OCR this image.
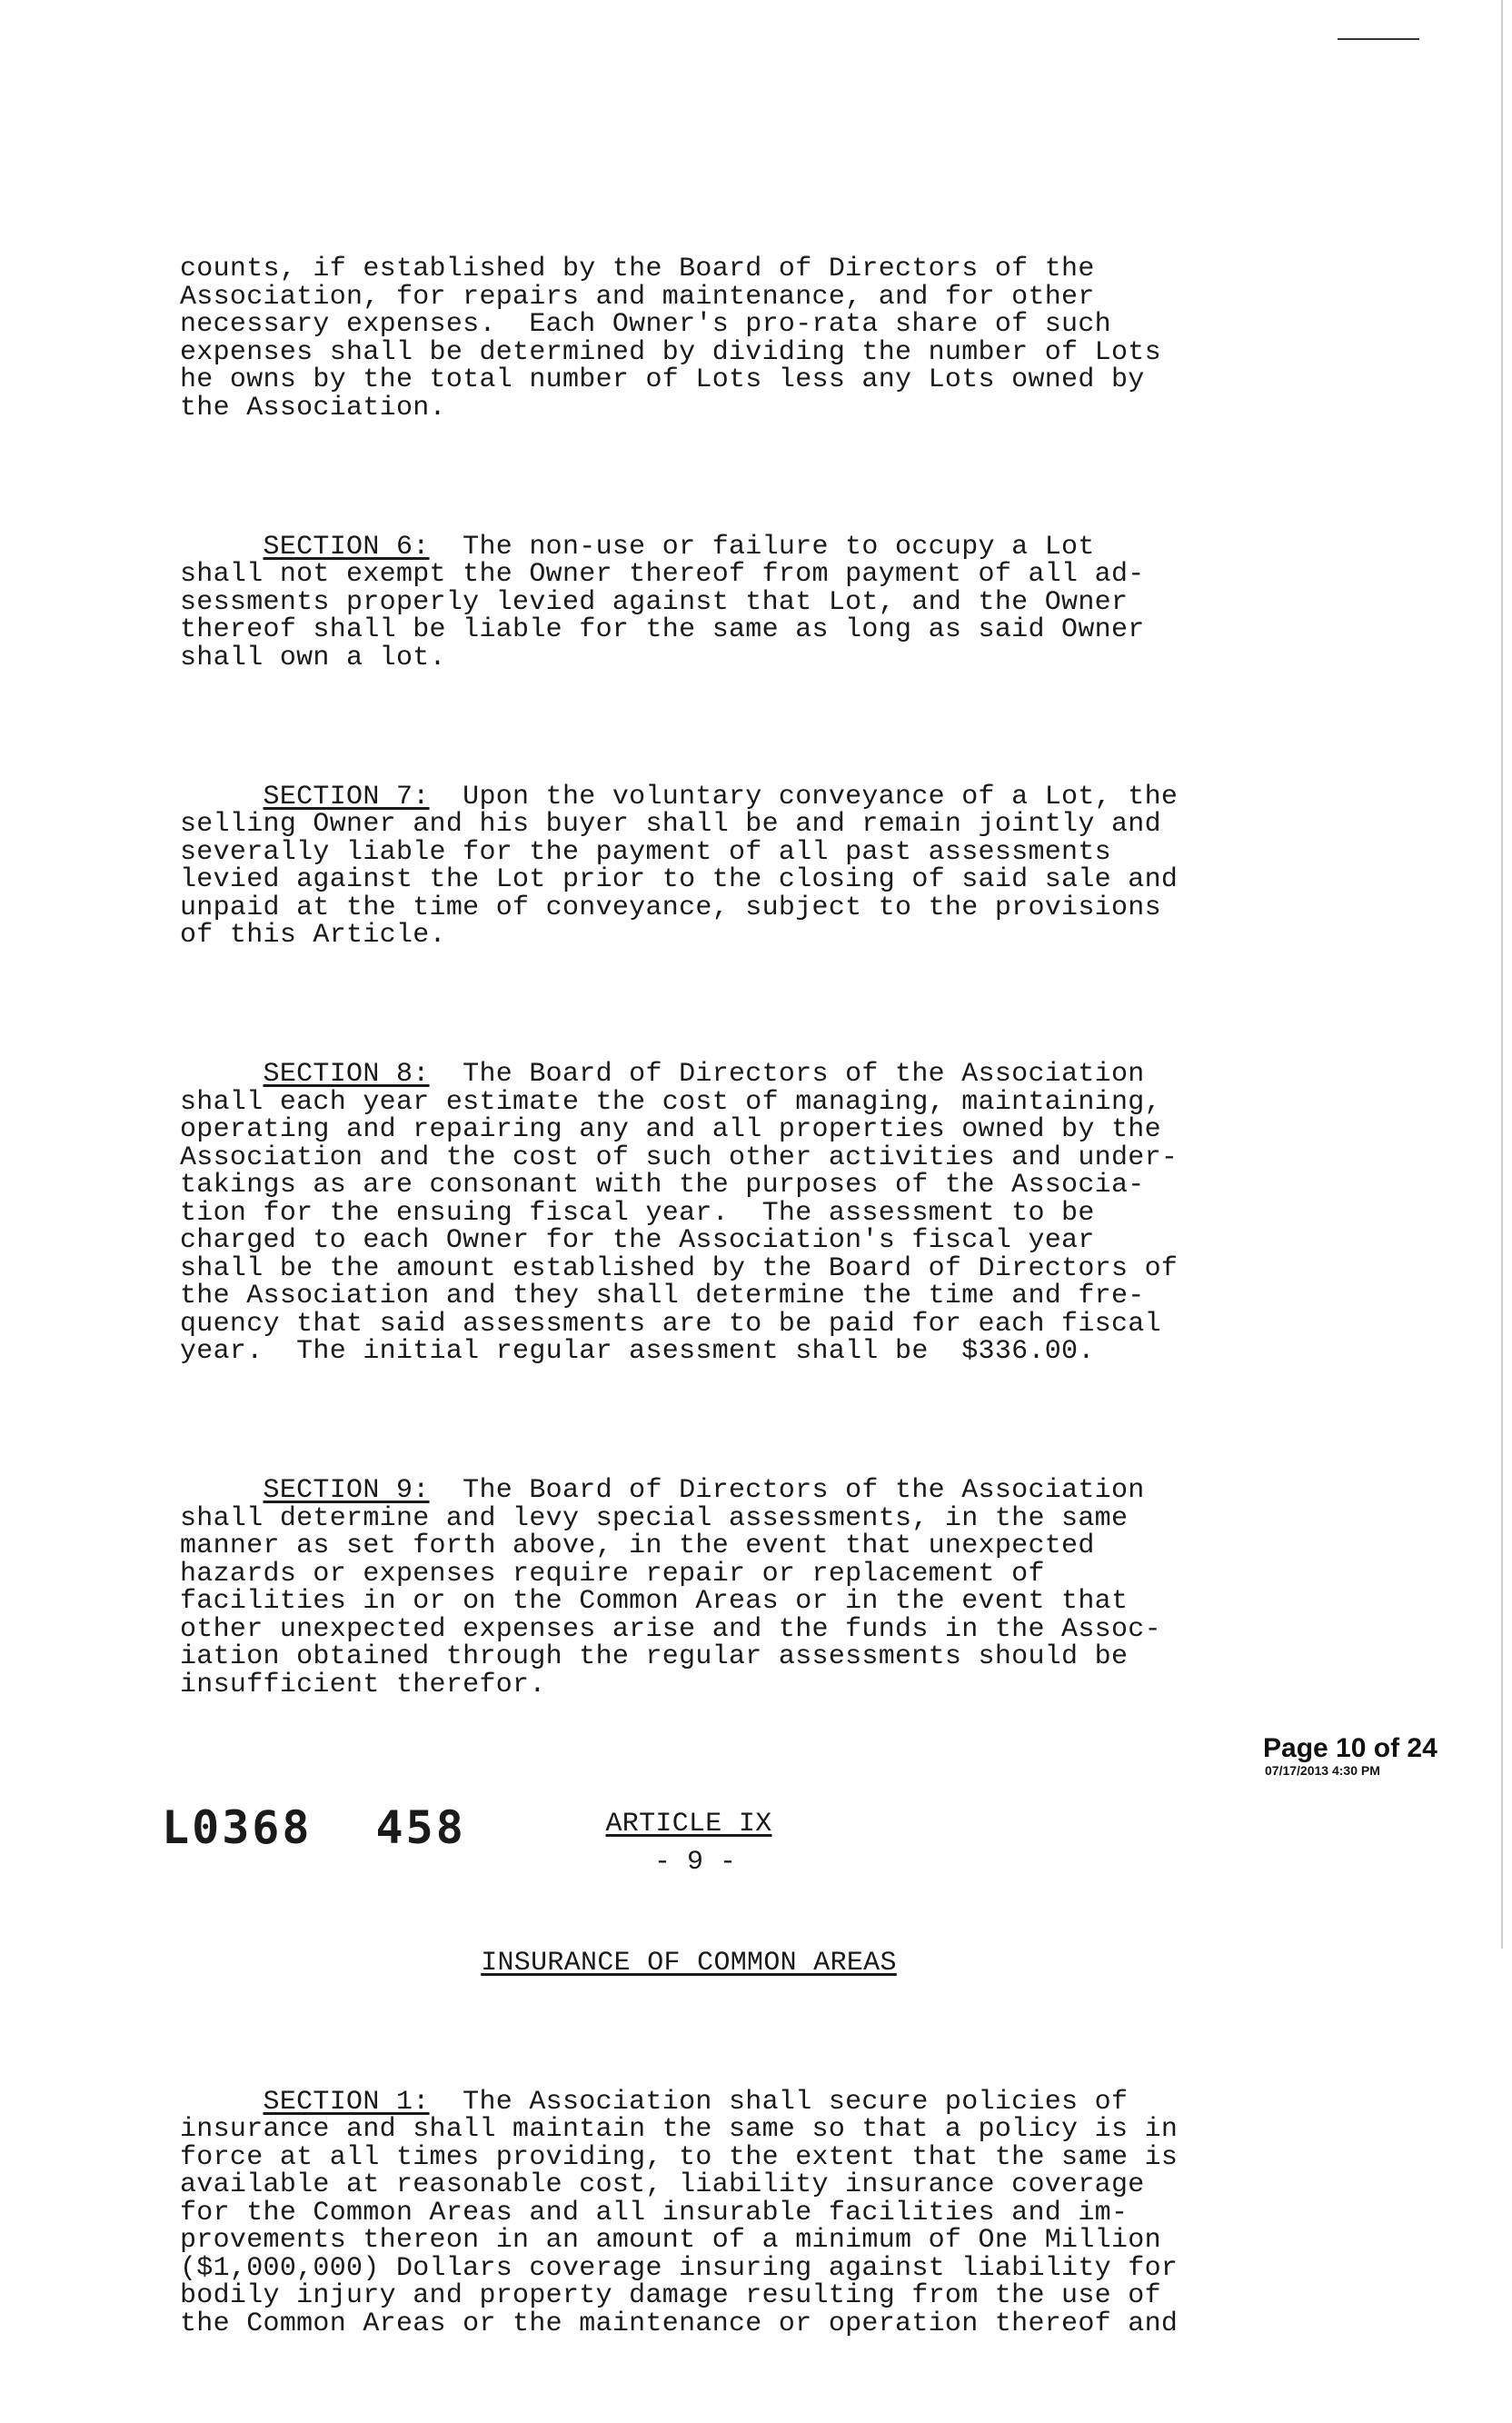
counts, if established by the Board of Directors of the
Association, for repairs and maintenance, and for other
necessary expenses.  Each Owner's pro-rata share of such
expenses shall be determined by dividing the number of Lots
he owns by the total number of Lots less any Lots owned by
the Association.

SECTION 6:  The non-use or failure to occupy a Lot
shall not exempt the Owner thereof from payment of all ad-
sessments properly levied against that Lot, and the Owner
thereof shall be liable for the same as long as said Owner
shall own a lot.

SECTION 7:  Upon the voluntary conveyance of a Lot, the
selling Owner and his buyer shall be and remain jointly and
severally liable for the payment of all past assessments
levied against the Lot prior to the closing of said sale and
unpaid at the time of conveyance, subject to the provisions
of this Article.

SECTION 8:  The Board of Directors of the Association
shall each year estimate the cost of managing, maintaining,
operating and repairing any and all properties owned by the
Association and the cost of such other activities and under-
takings as are consonant with the purposes of the Associa-
tion for the ensuing fiscal year.  The assessment to be
charged to each Owner for the Association's fiscal year
shall be the amount established by the Board of Directors of
the Association and they shall determine the time and fre-
quency that said assessments are to be paid for each fiscal
year.  The initial regular asessment shall be  $336.00.

SECTION 9:  The Board of Directors of the Association
shall determine and levy special assessments, in the same
manner as set forth above, in the event that unexpected
hazards or expenses require repair or replacement of
facilities in or on the Common Areas or in the event that
other unexpected expenses arise and the funds in the Assoc-
iation obtained through the regular assessments should be
insufficient therefor.

ARTICLE IX

INSURANCE OF COMMON AREAS

SECTION 1:  The Association shall secure policies of
insurance and shall maintain the same so that a policy is in
force at all times providing, to the extent that the same is
available at reasonable cost, liability insurance coverage
for the Common Areas and all insurable facilities and im-
provements thereon in an amount of a minimum of One Million
($1,000,000) Dollars coverage insuring against liability for
bodily injury and property damage resulting from the use of
the Common Areas or the maintenance or operation thereof and

Page 10 of 24
07/17/2013 4:30 PM
L0368 458
- 9 -
